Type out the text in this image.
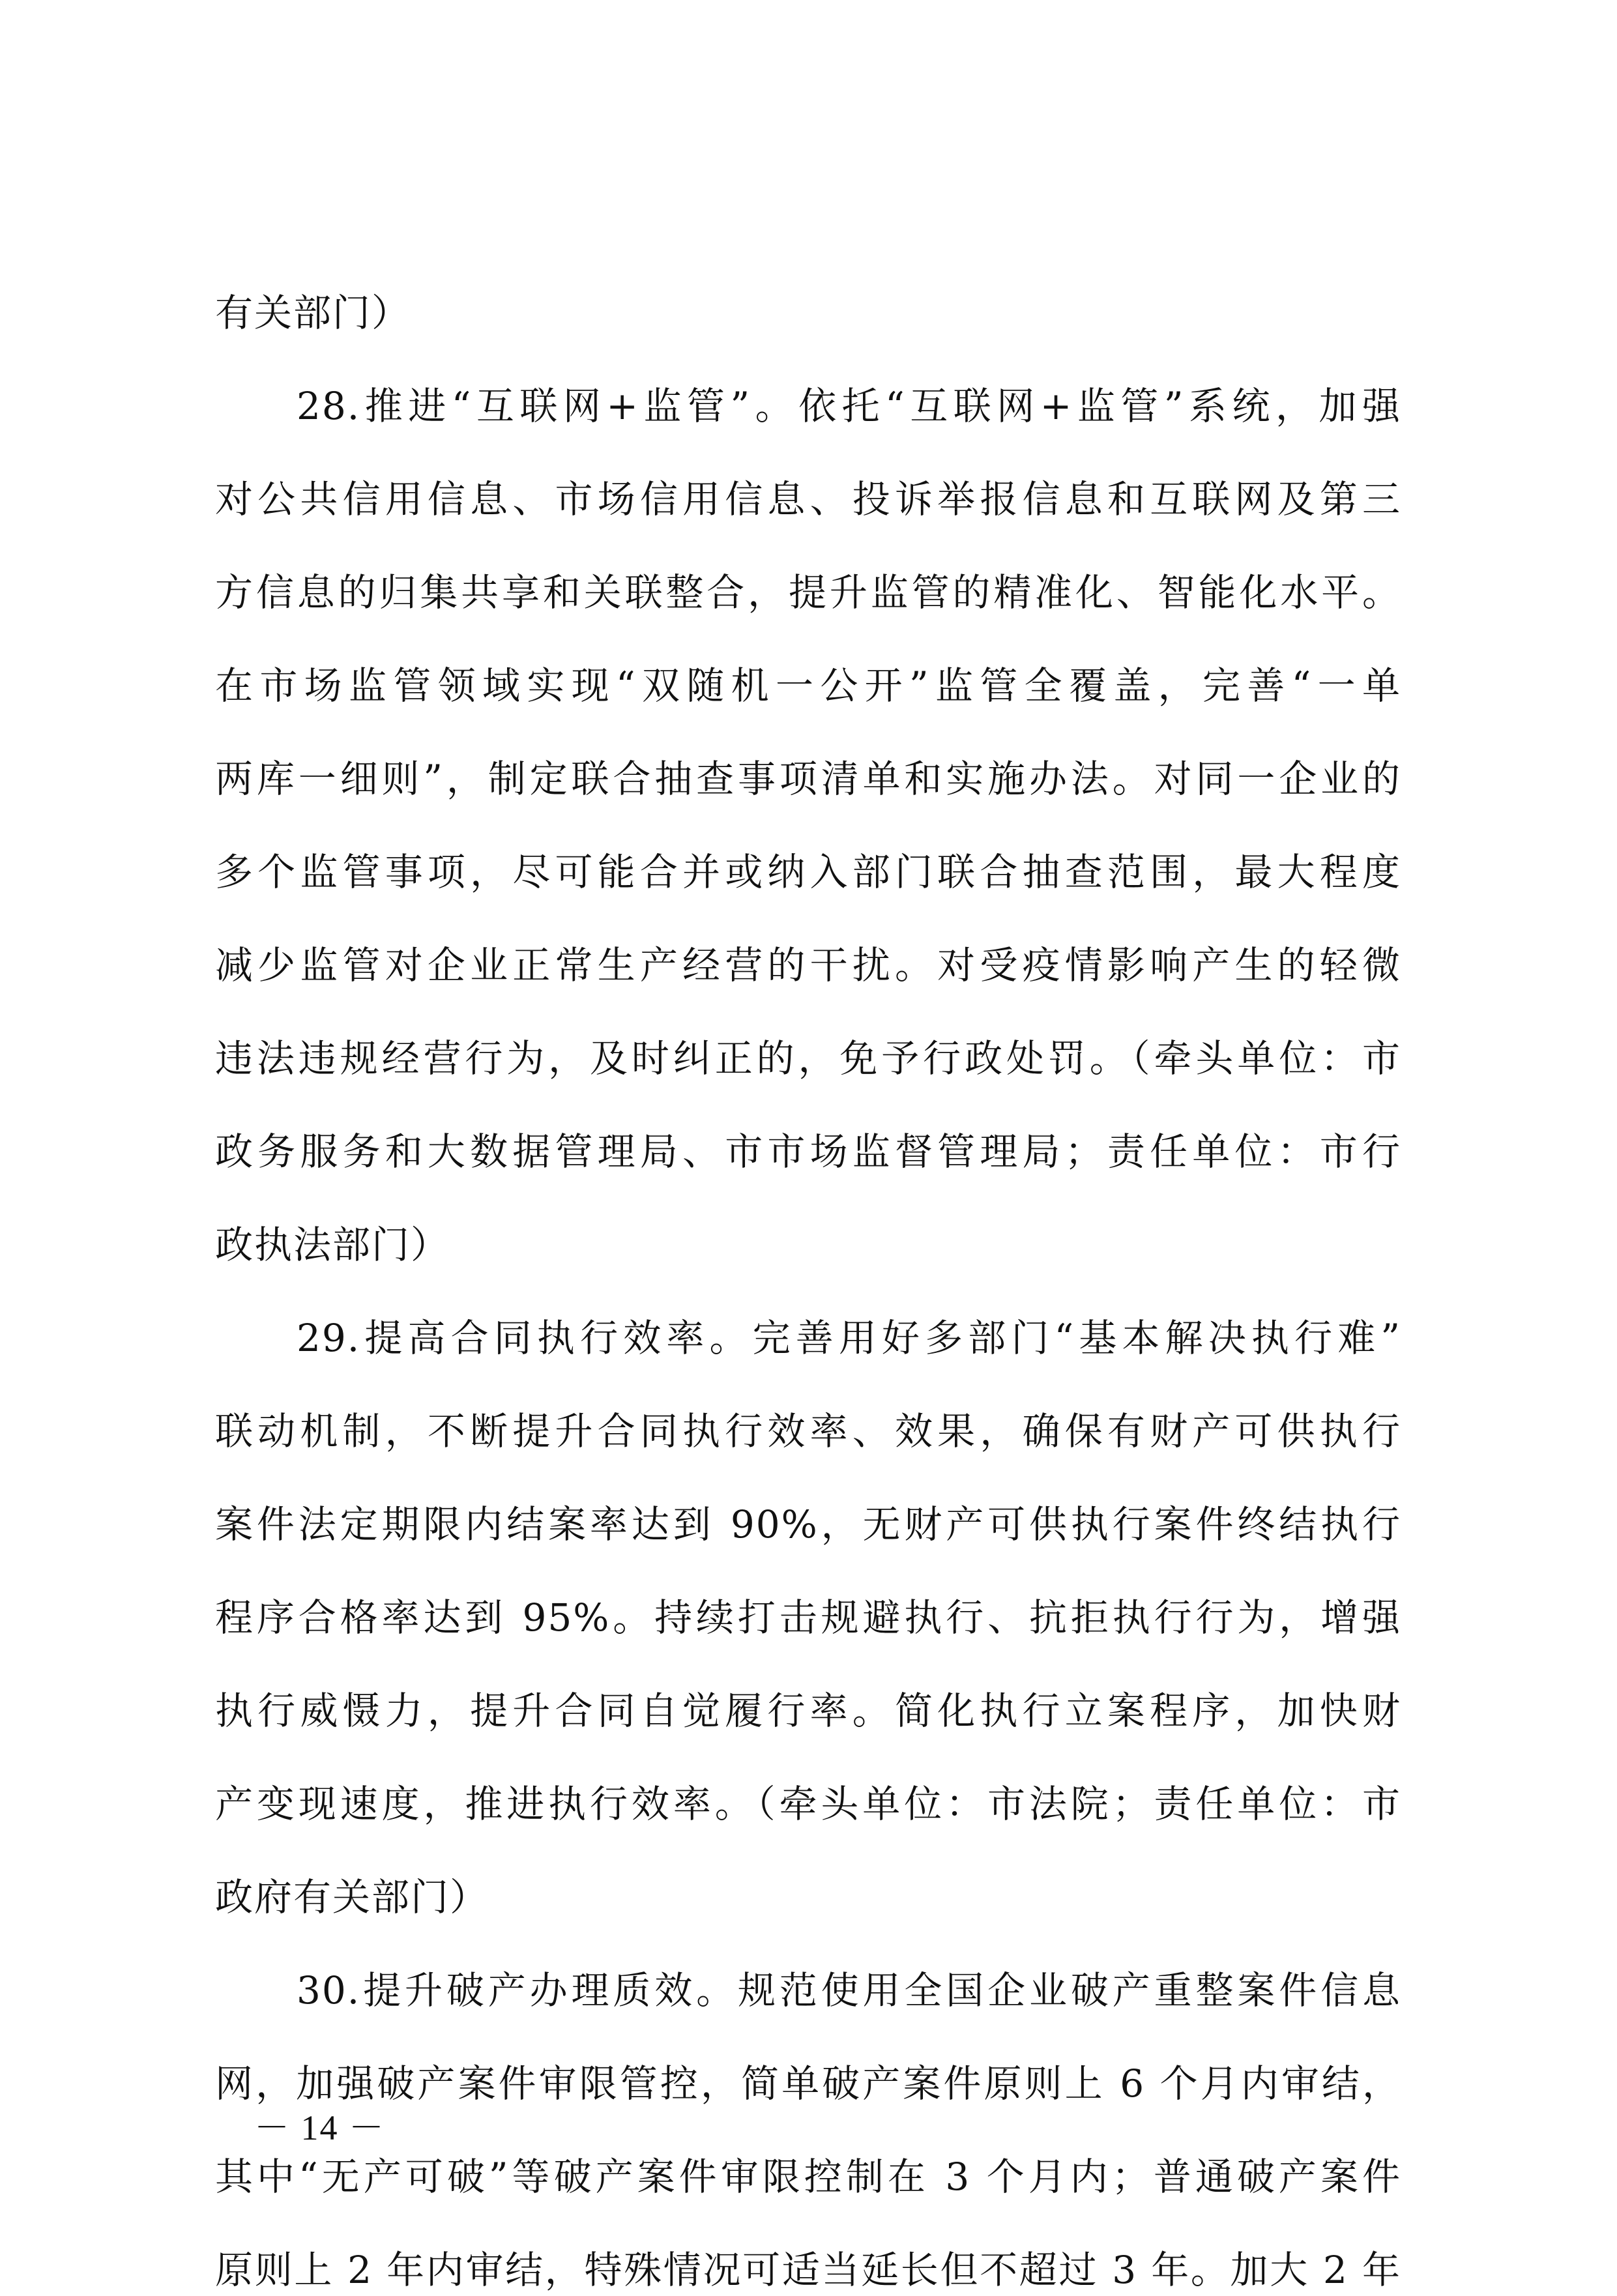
有关部门）
28.推进“互联网+监管”。依托“互联网+监管”系统，加强
对公共信用信息、市场信用信息、投诉举报信息和互联网及第三
方信息的归集共享和关联整合，提升监管的精准化、智能化水平。
在市场监管领域实现“双随机一公开”监管全覆盖，完善“一单
两库一细则”，制定联合抽查事项清单和实施办法。对同一企业的
多个监管事项，尽可能合并或纳入部门联合抽查范围，最大程度
减少监管对企业正常生产经营的干扰。对受疫情影响产生的轻微
违法违规经营行为，及时纠正的，免予行政处罚。（牵头单位：市
政务服务和大数据管理局、市市场监督管理局；责任单位：市行
政执法部门）
29.提高合同执行效率。完善用好多部门“基本解决执行难”
联动机制，不断提升合同执行效率、效果，确保有财产可供执行
案件法定期限内结案率达到 90%，无财产可供执行案件终结执行
程序合格率达到 95%。持续打击规避执行、抗拒执行行为，增强
执行威慑力，提升合同自觉履行率。简化执行立案程序，加快财
产变现速度，推进执行效率。（牵头单位：市法院；责任单位：市
政府有关部门）
30.提升破产办理质效。规范使用全国企业破产重整案件信息
网，加强破产案件审限管控，简单破产案件原则上 6 个月内审结，
其中“无产可破”等破产案件审限控制在 3 个月内；普通破产案件
原则上 2 年内审结，特殊情况可适当延长但不超过 3 年。加大 2 年
－ 14 －
